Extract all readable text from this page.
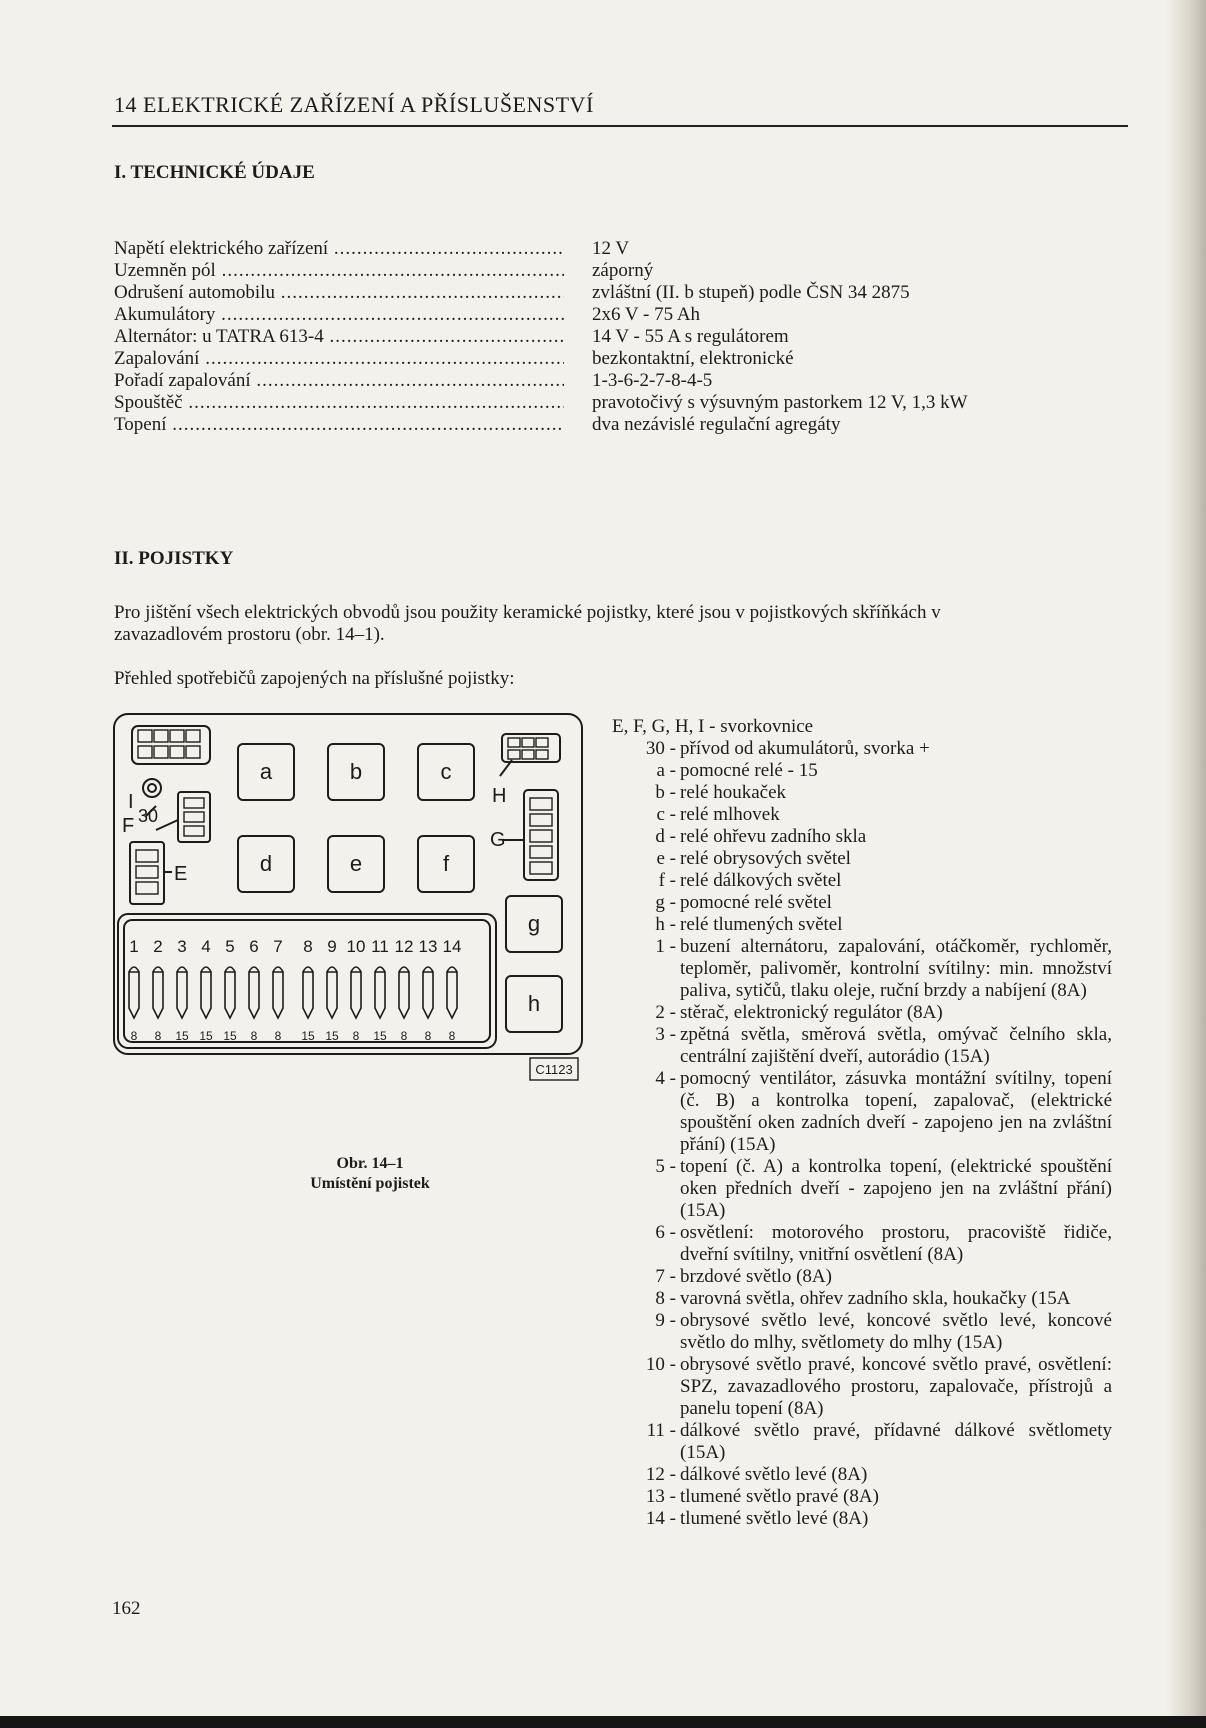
14 ELEKTRICKÉ ZAŘÍZENÍ A PŘÍSLUŠENSTVÍ
I. TECHNICKÉ ÚDAJE
Napětí elektrického zařízení .....	12 V
Uzemněn pól .....	záporný
Odrušení automobilu .....	zvláštní (II. b stupeň) podle ČSN 34 2875
Akumulátory .....	2x6 V - 75 Ah
Alternátor: u TATRA 613-4 .....	14 V - 55 A s regulátorem
Zapalování .....	bezkontaktní, elektronické
Pořadí zapalování .....	1-3-6-2-7-8-4-5
Spouštěč .....	pravotočivý s výsuvným pastorkem 12 V, 1,3 kW
Topení .....	dva nezávislé regulační agregáty
II. POJISTKY
Pro jištění všech elektrických obvodů jsou použity keramické pojistky, které jsou v pojistkových skříňkách v
zavazadlovém prostoru (obr. 14–1).
Přehled spotřebičů zapojených na příslušné pojistky:
a	b	c
d	e	f
g
h
I
F 30
E
G
H
1
8
2
8
3
15
4
15
5
15
6
8
7
8
8
15
9
15
10
8
11
15
12
8
13
8
14
8
C1123
Obr. 14–1
Umístění pojistek
E, F, G, H, I - svorkovnice
30 - přívod od akumulátorů, svorka +
a - pomocné relé - 15
b - relé houkaček
c - relé mlhovek
d - relé ohřevu zadního skla
e - relé obrysových světel
f - relé dálkových světel
g - pomocné relé světel
h - relé tlumených světel
1 - buzení alternátoru, zapalování, otáčkoměr, rychloměr, teploměr, palivoměr, kontrolní svítilny: min. množství paliva, sytičů, tlaku oleje, ruční brzdy a nabíjení (8A)
2 - stěrač, elektronický regulátor (8A)
3 - zpětná světla, směrová světla, omývač čelního skla, centrální zajištění dveří, autorádio (15A)
4 - pomocný ventilátor, zásuvka montážní svítilny, topení (č. B) a kontrolka topení, zapalovač, (elektrické spouštění oken zadních dveří - zapojeno jen na zvláštní přání) (15A)
5 - topení (č. A) a kontrolka topení, (elektrické spouštění oken předních dveří - zapojeno jen na zvláštní přání) (15A)
6 - osvětlení: motorového prostoru, pracoviště řidiče, dveřní svítilny, vnitřní osvětlení (8A)
7 - brzdové světlo (8A)
8 - varovná světla, ohřev zadního skla, houkačky (15A
9 - obrysové světlo levé, koncové světlo levé, koncové světlo do mlhy, světlomety do mlhy (15A)
10 - obrysové světlo pravé, koncové světlo pravé, osvětlení: SPZ, zavazadlového prostoru, zapalovače, přístrojů a panelu topení (8A)
11 - dálkové světlo pravé, přídavné dálkové světlomety (15A)
12 - dálkové světlo levé (8A)
13 - tlumené světlo pravé (8A)
14 - tlumené světlo levé (8A)
162
